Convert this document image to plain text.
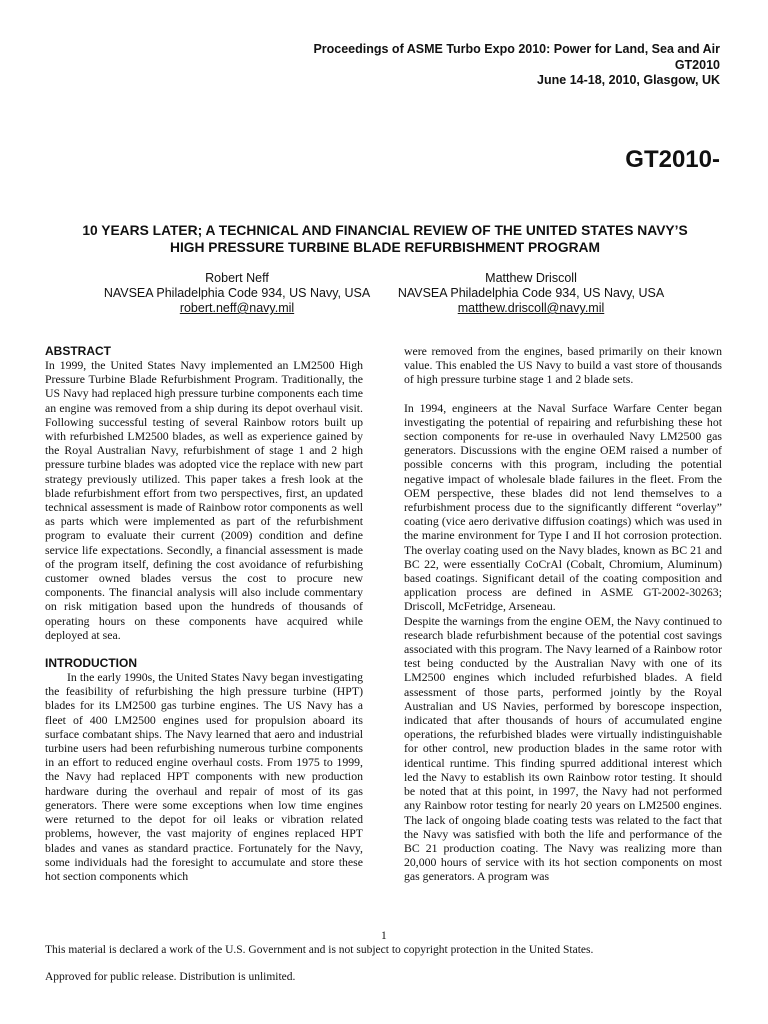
Proceedings of ASME Turbo Expo 2010: Power for Land, Sea and Air
GT2010
June 14-18, 2010, Glasgow, UK
GT2010-
10 YEARS LATER; A TECHNICAL AND FINANCIAL REVIEW OF THE UNITED STATES NAVY’S
HIGH PRESSURE TURBINE BLADE REFURBISHMENT PROGRAM
Robert Neff
NAVSEA Philadelphia Code 934, US Navy, USA
robert.neff@navy.mil
Matthew Driscoll
NAVSEA Philadelphia Code 934, US Navy, USA
matthew.driscoll@navy.mil
ABSTRACT

In 1999, the United States Navy implemented an LM2500 High Pressure Turbine Blade Refurbishment Program. Traditionally, the US Navy had replaced high pressure turbine components each time an engine was removed from a ship during its depot overhaul visit. Following successful testing of several Rainbow rotors built up with refurbished LM2500 blades, as well as experience gained by the Royal Australian Navy, refurbishment of stage 1 and 2 high pressure turbine blades was adopted vice the replace with new part strategy previously utilized. This paper takes a fresh look at the blade refurbishment effort from two perspectives, first, an updated technical assessment is made of Rainbow rotor components as well as parts which were implemented as part of the refurbishment program to evaluate their current (2009) condition and define service life expectations. Secondly, a financial assessment is made of the program itself, defining the cost avoidance of refurbishing customer owned blades versus the cost to procure new components. The financial analysis will also include commentary on risk mitigation based upon the hundreds of thousands of operating hours on these components have acquired while deployed at sea.

INTRODUCTION

In the early 1990s, the United States Navy began investigating the feasibility of refurbishing the high pressure turbine (HPT) blades for its LM2500 gas turbine engines. The US Navy has a fleet of 400 LM2500 engines used for propulsion aboard its surface combatant ships. The Navy learned that aero and industrial turbine users had been refurbishing numerous turbine components in an effort to reduced engine overhaul costs. From 1975 to 1999, the Navy had replaced HPT components with new production hardware during the overhaul and repair of most of its gas generators. There were some exceptions when low time engines were returned to the depot for oil leaks or vibration related problems, however, the vast majority of engines replaced HPT blades and vanes as standard practice. Fortunately for the Navy, some individuals had the foresight to accumulate and store these hot section components which

were removed from the engines, based primarily on their known value. This enabled the US Navy to build a vast store of thousands of high pressure turbine stage 1 and 2 blade sets.

In 1994, engineers at the Naval Surface Warfare Center began investigating the potential of repairing and refurbishing these hot section components for re-use in overhauled Navy LM2500 gas generators. Discussions with the engine OEM raised a number of possible concerns with this program, including the potential negative impact of wholesale blade failures in the fleet. From the OEM perspective, these blades did not lend themselves to a refurbishment process due to the significantly different “overlay” coating (vice aero derivative diffusion coatings) which was used in the marine environment for Type I and II hot corrosion protection. The overlay coating used on the Navy blades, known as BC 21 and BC 22, were essentially CoCrAl (Cobalt, Chromium, Aluminum) based coatings. Significant detail of the coating composition and application process are defined in ASME GT-2002-30263; Driscoll, McFetridge, Arseneau.

Despite the warnings from the engine OEM, the Navy continued to research blade refurbishment because of the potential cost savings associated with this program. The Navy learned of a Rainbow rotor test being conducted by the Australian Navy with one of its LM2500 engines which included refurbished blades. A field assessment of those parts, performed jointly by the Royal Australian and US Navies, performed by borescope inspection, indicated that after thousands of hours of accumulated engine operations, the refurbished blades were virtually indistinguishable for other control, new production blades in the same rotor with identical runtime. This finding spurred additional interest which led the Navy to establish its own Rainbow rotor testing. It should be noted that at this point, in 1997, the Navy had not performed any Rainbow rotor testing for nearly 20 years on LM2500 engines. The lack of ongoing blade coating tests was related to the fact that the Navy was satisfied with both the life and performance of the BC 21 production coating. The Navy was realizing more than 20,000 hours of service with its hot section components on most gas generators. A program was

1
This material is declared a work of the U.S. Government and is not subject to copyright protection in the United States.
Approved for public release. Distribution is unlimited.
